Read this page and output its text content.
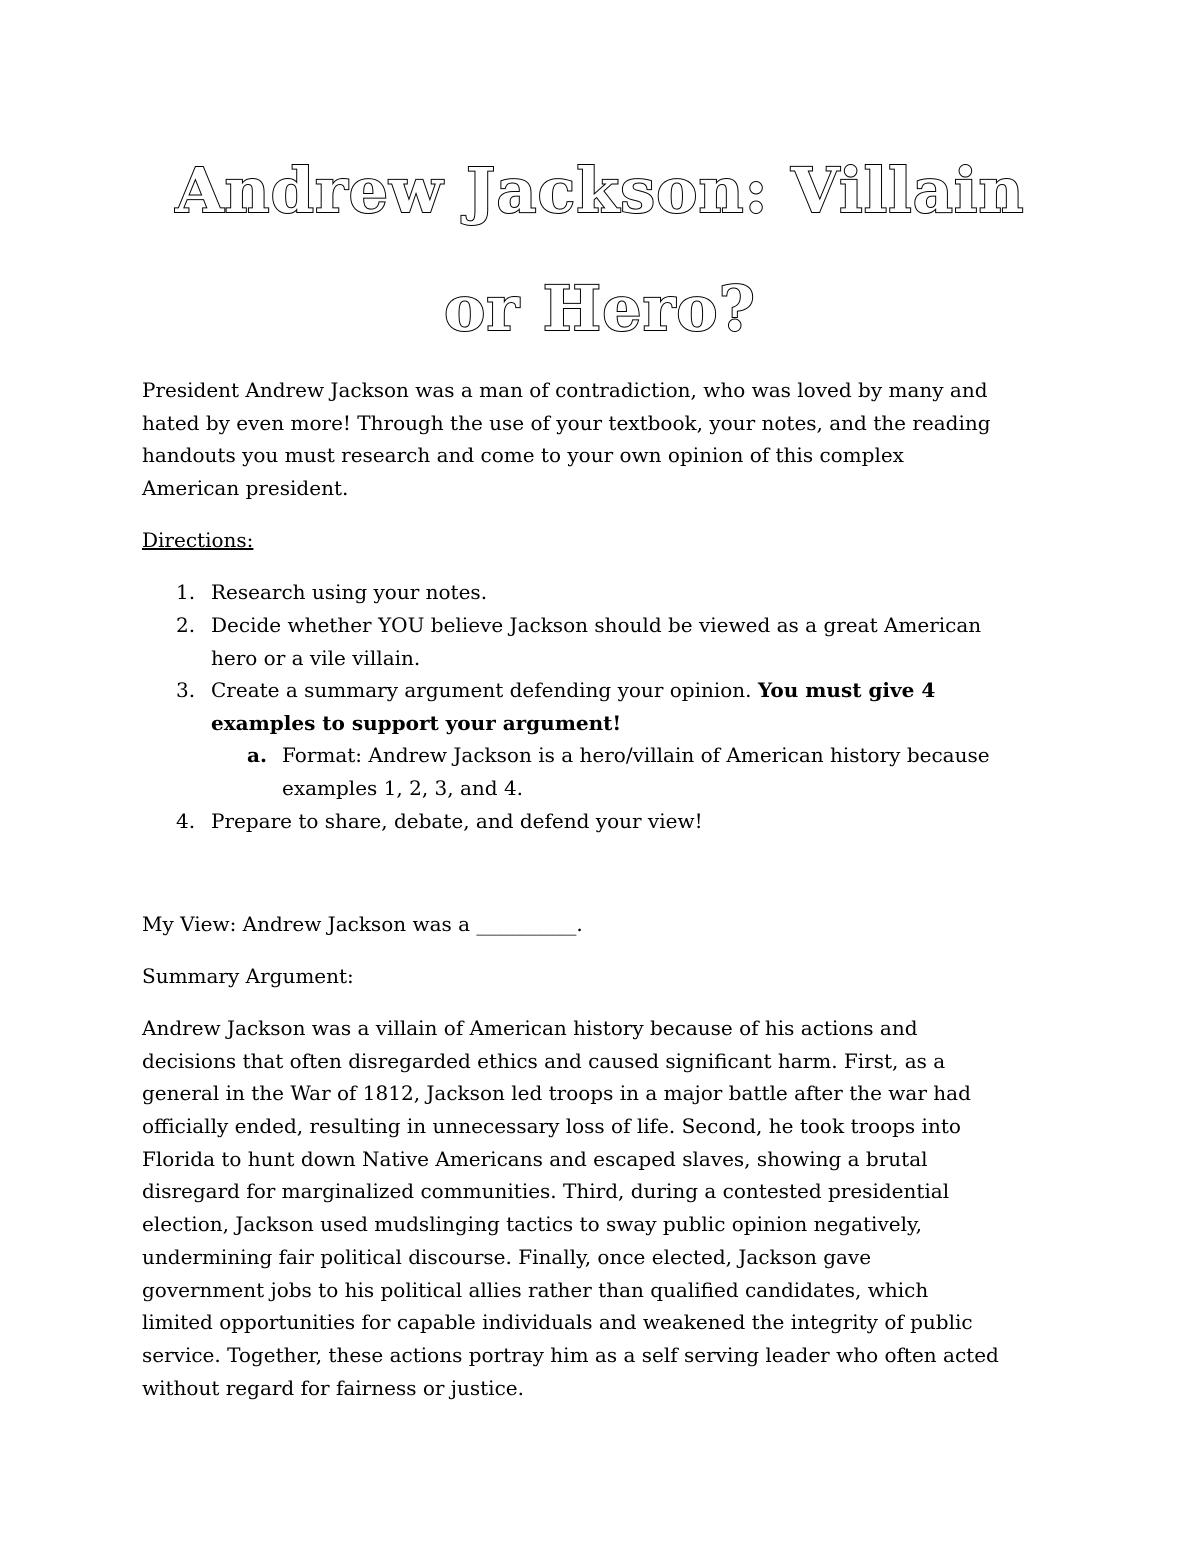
Andrew Jackson: Villain
or Hero?
President Andrew Jackson was a man of contradiction, who was loved by many and
hated by even more! Through the use of your textbook, your notes, and the reading
handouts you must research and come to your own opinion of this complex
American president.
Directions:
1. Research using your notes.
2. Decide whether YOU believe Jackson should be viewed as a great American
hero or a vile villain.
3. Create a summary argument defending your opinion. You must give 4
examples to support your argument!
a. Format: Andrew Jackson is a hero/villain of American history because
examples 1, 2, 3, and 4.
4. Prepare to share, debate, and defend your view!
My View: Andrew Jackson was a __________.
Summary Argument:
Andrew Jackson was a villain of American history because of his actions and
decisions that often disregarded ethics and caused significant harm. First, as a
general in the War of 1812, Jackson led troops in a major battle after the war had
officially ended, resulting in unnecessary loss of life. Second, he took troops into
Florida to hunt down Native Americans and escaped slaves, showing a brutal
disregard for marginalized communities. Third, during a contested presidential
election, Jackson used mudslinging tactics to sway public opinion negatively,
undermining fair political discourse. Finally, once elected, Jackson gave
government jobs to his political allies rather than qualified candidates, which
limited opportunities for capable individuals and weakened the integrity of public
service. Together, these actions portray him as a self serving leader who often acted
without regard for fairness or justice.
